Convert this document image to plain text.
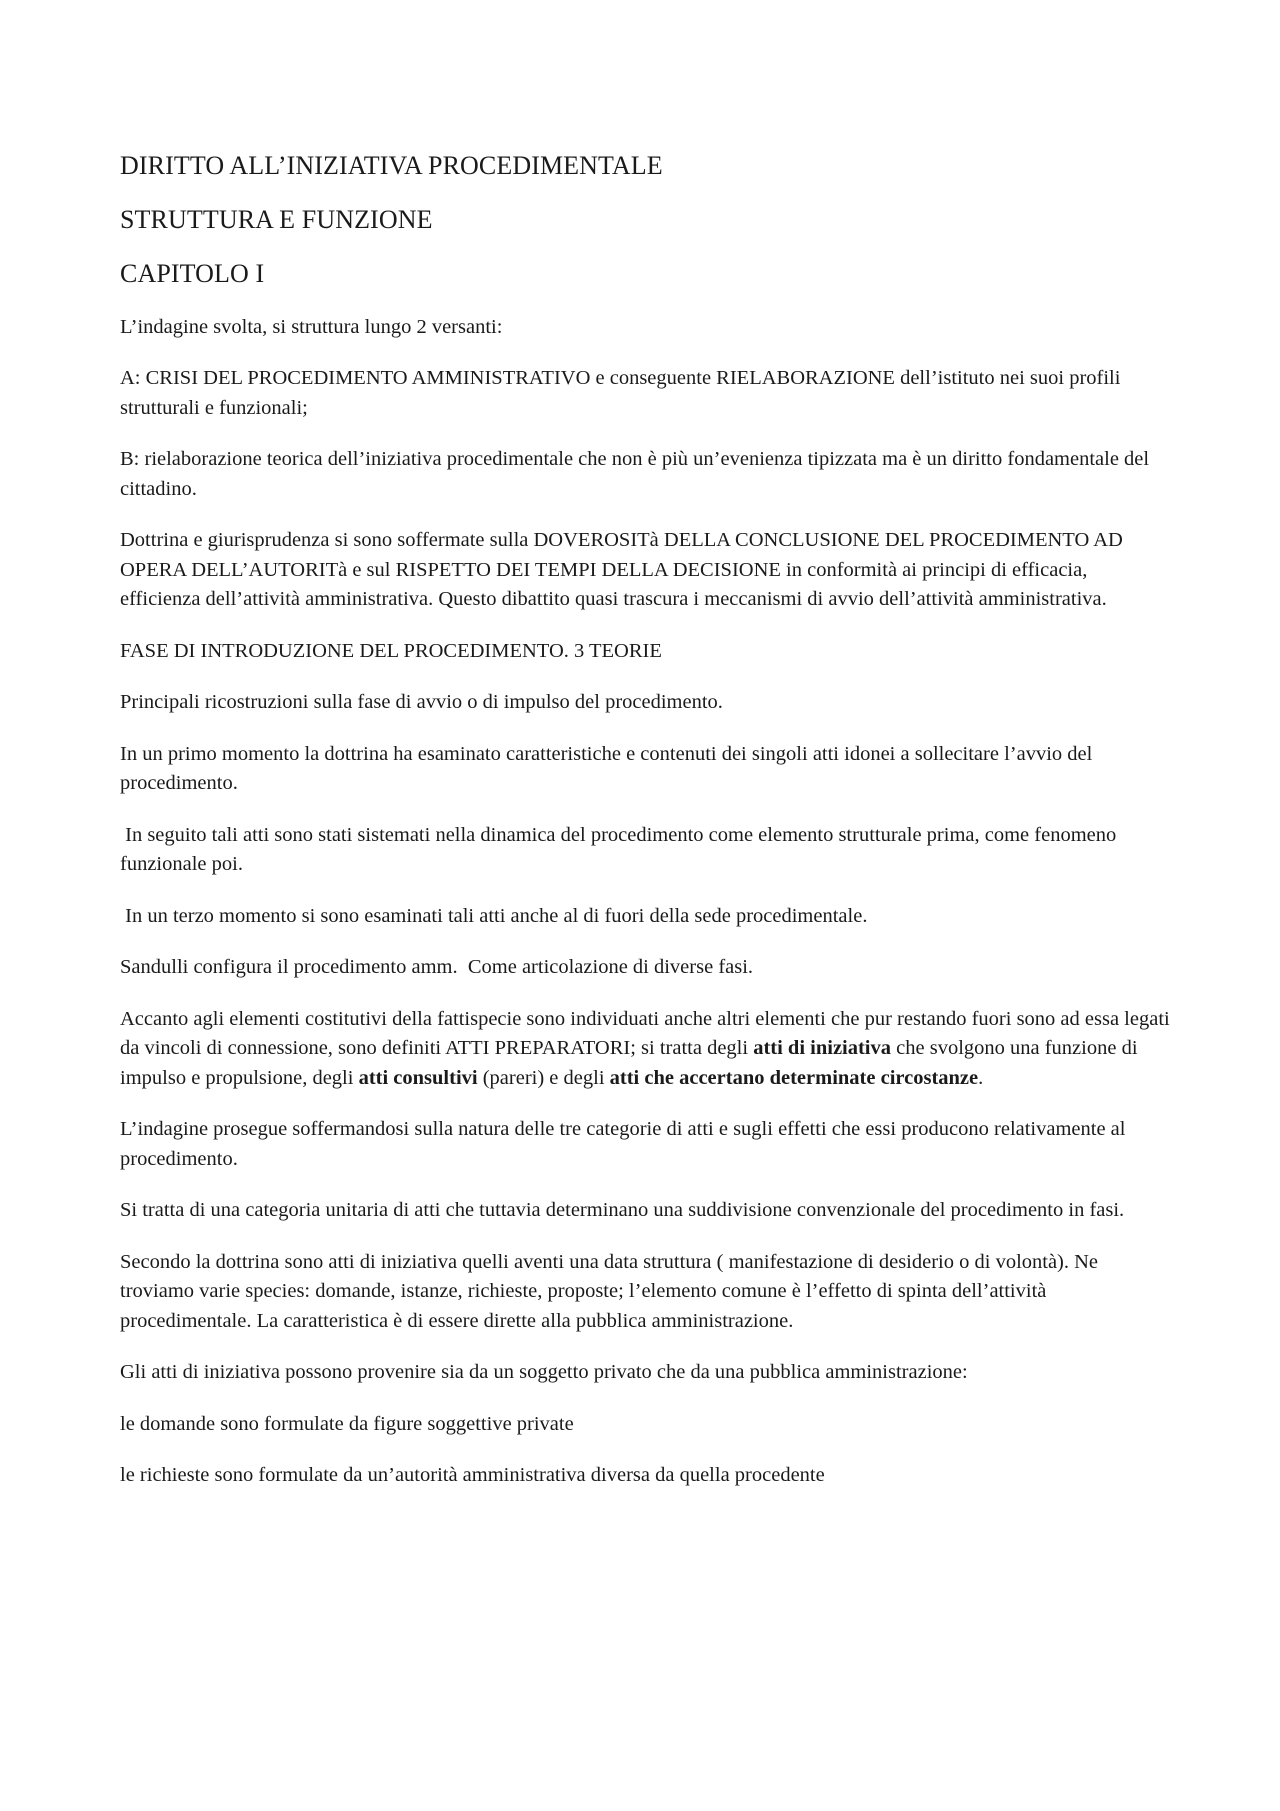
DIRITTO ALL’INIZIATIVA PROCEDIMENTALE
STRUTTURA E FUNZIONE
CAPITOLO I

L’indagine svolta, si struttura lungo 2 versanti:

A: CRISI DEL PROCEDIMENTO AMMINISTRATIVO e conseguente RIELABORAZIONE dell’istituto nei suoi profili strutturali e funzionali;

B: rielaborazione teorica dell’iniziativa procedimentale che non è più un’evenienza tipizzata ma è un diritto fondamentale del cittadino.

Dottrina e giurisprudenza si sono soffermate sulla DOVEROSITà DELLA CONCLUSIONE DEL PROCEDIMENTO AD OPERA DELL’AUTORITà e sul RISPETTO DEI TEMPI DELLA DECISIONE in conformità ai principi di efficacia, efficienza dell’attività amministrativa. Questo dibattito quasi trascura i meccanismi di avvio dell’attività amministrativa.

FASE DI INTRODUZIONE DEL PROCEDIMENTO. 3 TEORIE

Principali ricostruzioni sulla fase di avvio o di impulso del procedimento.

In un primo momento la dottrina ha esaminato caratteristiche e contenuti dei singoli atti idonei a sollecitare l’avvio del procedimento.

In seguito tali atti sono stati sistemati nella dinamica del procedimento come elemento strutturale prima, come fenomeno funzionale poi.

In un terzo momento si sono esaminati tali atti anche al di fuori della sede procedimentale.

Sandulli configura il procedimento amm.  Come articolazione di diverse fasi.

Accanto agli elementi costitutivi della fattispecie sono individuati anche altri elementi che pur restando fuori sono ad essa legati da vincoli di connessione, sono definiti ATTI PREPARATORI; si tratta degli atti di iniziativa che svolgono una funzione di impulso e propulsione, degli atti consultivi (pareri) e degli atti che accertano determinate circostanze.

L’indagine prosegue soffermandosi sulla natura delle tre categorie di atti e sugli effetti che essi producono relativamente al procedimento.

Si tratta di una categoria unitaria di atti che tuttavia determinano una suddivisione convenzionale del procedimento in fasi.

Secondo la dottrina sono atti di iniziativa quelli aventi una data struttura ( manifestazione di desiderio o di volontà). Ne troviamo varie species: domande, istanze, richieste, proposte; l’elemento comune è l’effetto di spinta dell’attività procedimentale. La caratteristica è di essere dirette alla pubblica amministrazione.

Gli atti di iniziativa possono provenire sia da un soggetto privato che da una pubblica amministrazione:

le domande sono formulate da figure soggettive private

le richieste sono formulate da un’autorità amministrativa diversa da quella procedente
